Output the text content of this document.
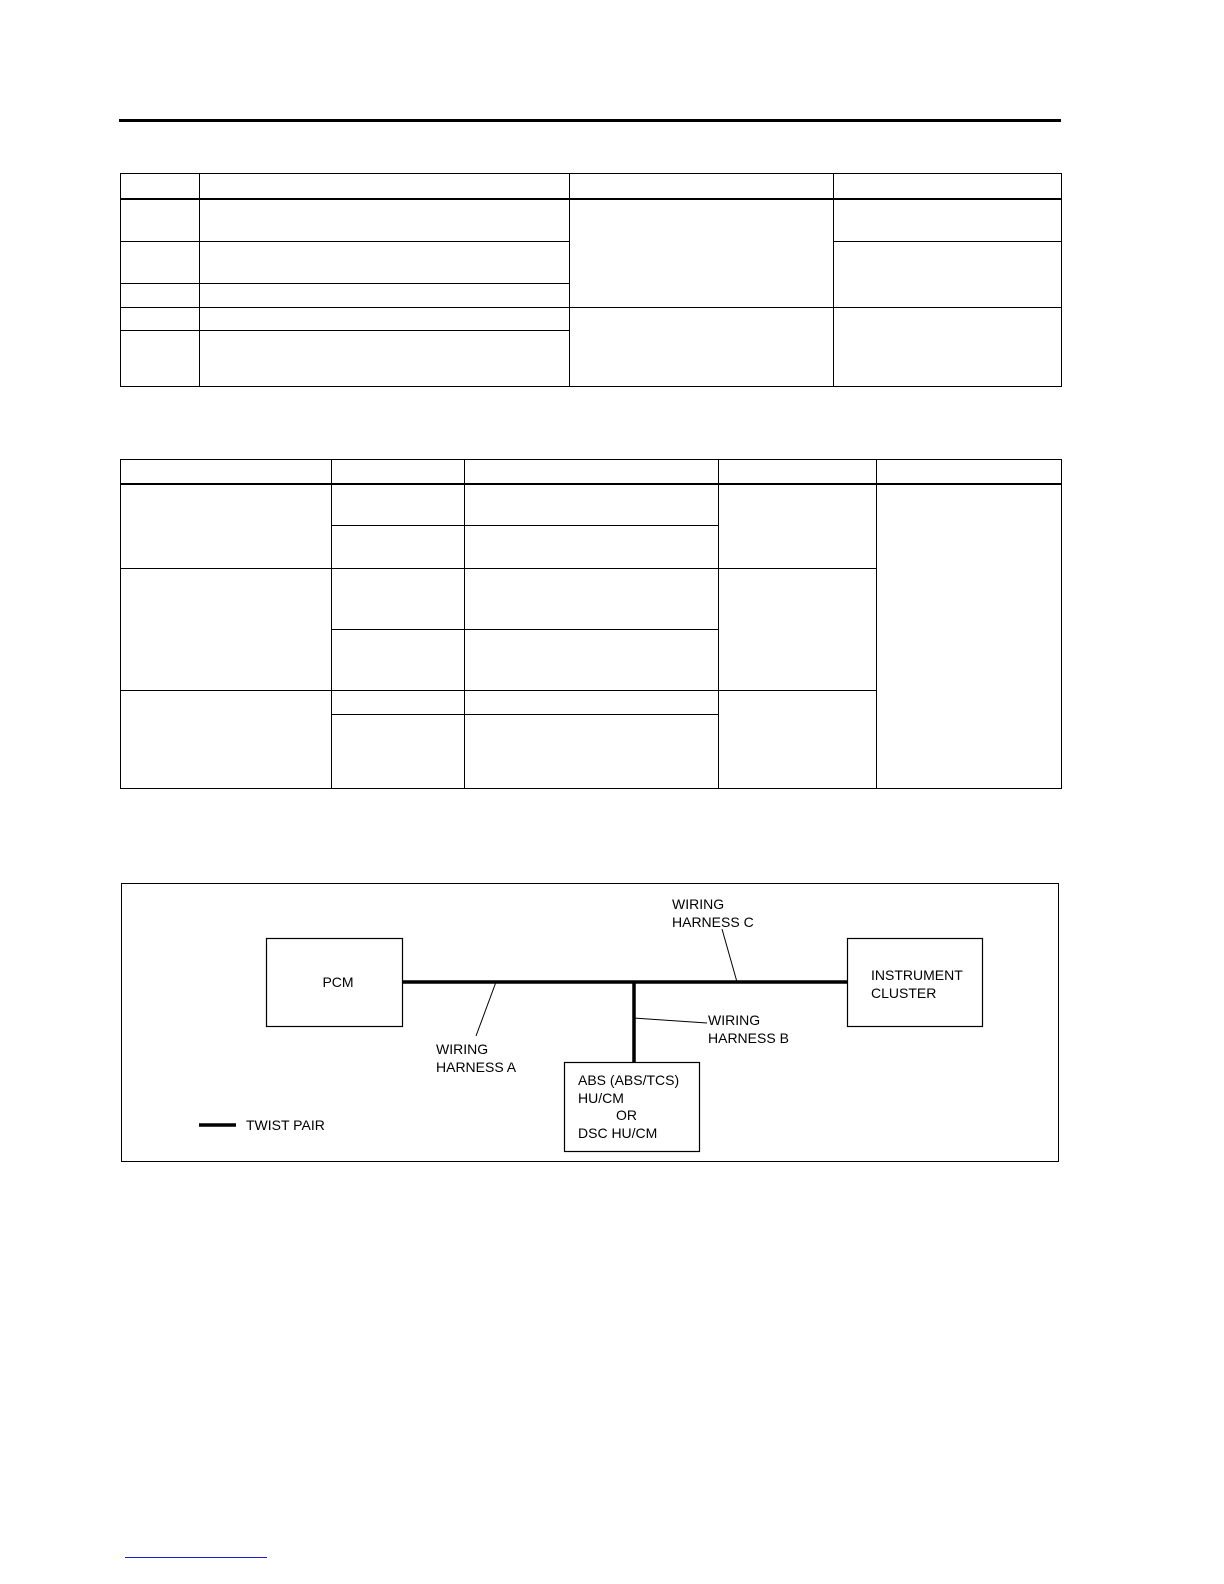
PCM	INSTRUMENT
CLUSTER
ABS (ABS/TCS)
HU/CM
OR
DSC HU/CM
WIRING
HARNESS A
WIRING
HARNESS B
WIRING
HARNESS C
TWIST PAIR
